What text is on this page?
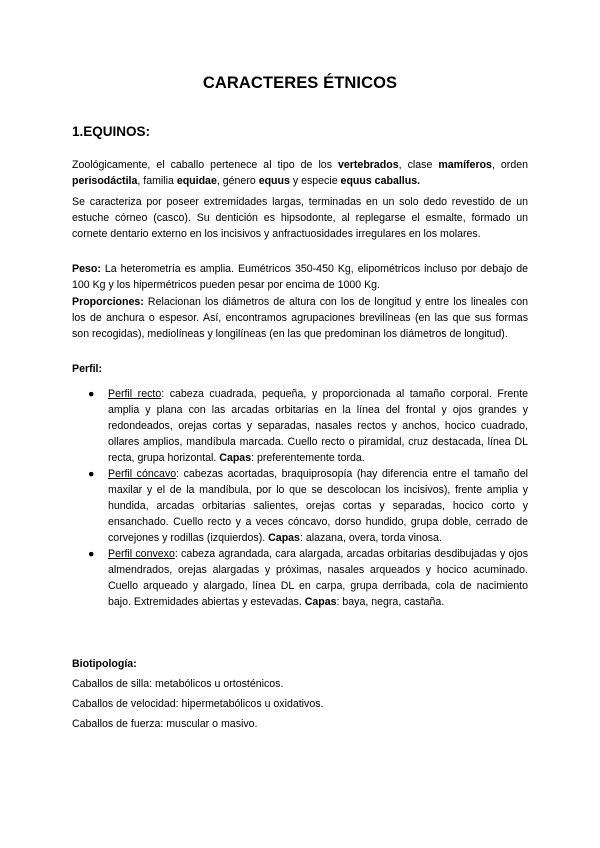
CARACTERES ÉTNICOS
1.EQUINOS:
Zoológicamente, el caballo pertenece al tipo de los vertebrados, clase mamíferos, orden perisodáctila, familia equidae, género equus y especie equus caballus.
Se caracteriza por poseer extremidades largas, terminadas en un solo dedo revestido de un estuche córneo (casco). Su dentición es hipsodonte, al replegarse el esmalte, formado un cornete dentario externo en los incisivos y anfractuosidades irregulares en los molares.
Peso: La heterometría es amplia. Eumétricos 350-450 Kg, elipométricos incluso por debajo de 100 Kg y los hipermétricos pueden pesar por encima de 1000 Kg.
Proporciones: Relacionan los diámetros de altura con los de longitud y entre los lineales con los de anchura o espesor. Así, encontramos agrupaciones brevilíneas (en las que sus formas son recogidas), mediolíneas y longilíneas (en las que predominan los diámetros de longitud).
Perfil:
●	Perfil recto: cabeza cuadrada, pequeña, y proporcionada al tamaño corporal. Frente amplia y plana con las arcadas orbitarias en la línea del frontal y ojos grandes y redondeados, orejas cortas y separadas, nasales rectos y anchos, hocico cuadrado, ollares amplios, mandíbula marcada. Cuello recto o piramidal, cruz destacada, línea DL recta, grupa horizontal. Capas: preferentemente torda.
●	Perfil cóncavo: cabezas acortadas, braquiprosopía (hay diferencia entre el tamaño del maxilar y el de la mandíbula, por lo que se descolocan los incisivos), frente amplia y hundida, arcadas orbitarias salientes, orejas cortas y separadas, hocico corto y ensanchado. Cuello recto y a veces cóncavo, dorso hundido, grupa doble, cerrado de corvejones y rodillas (izquierdos). Capas: alazana, overa, torda vinosa.
●	Perfil convexo: cabeza agrandada, cara alargada, arcadas orbitarias desdibujadas y ojos almendrados, orejas alargadas y próximas, nasales arqueados y hocico acuminado. Cuello arqueado y alargado, línea DL en carpa, grupa derribada, cola de nacimiento bajo. Extremidades abiertas y estevadas. Capas: baya, negra, castaña.
Biotipología:
Caballos de silla: metabólicos u ortosténicos.
Caballos de velocidad: hipermetabólicos u oxidativos.
Caballos de fuerza: muscular o masivo.
